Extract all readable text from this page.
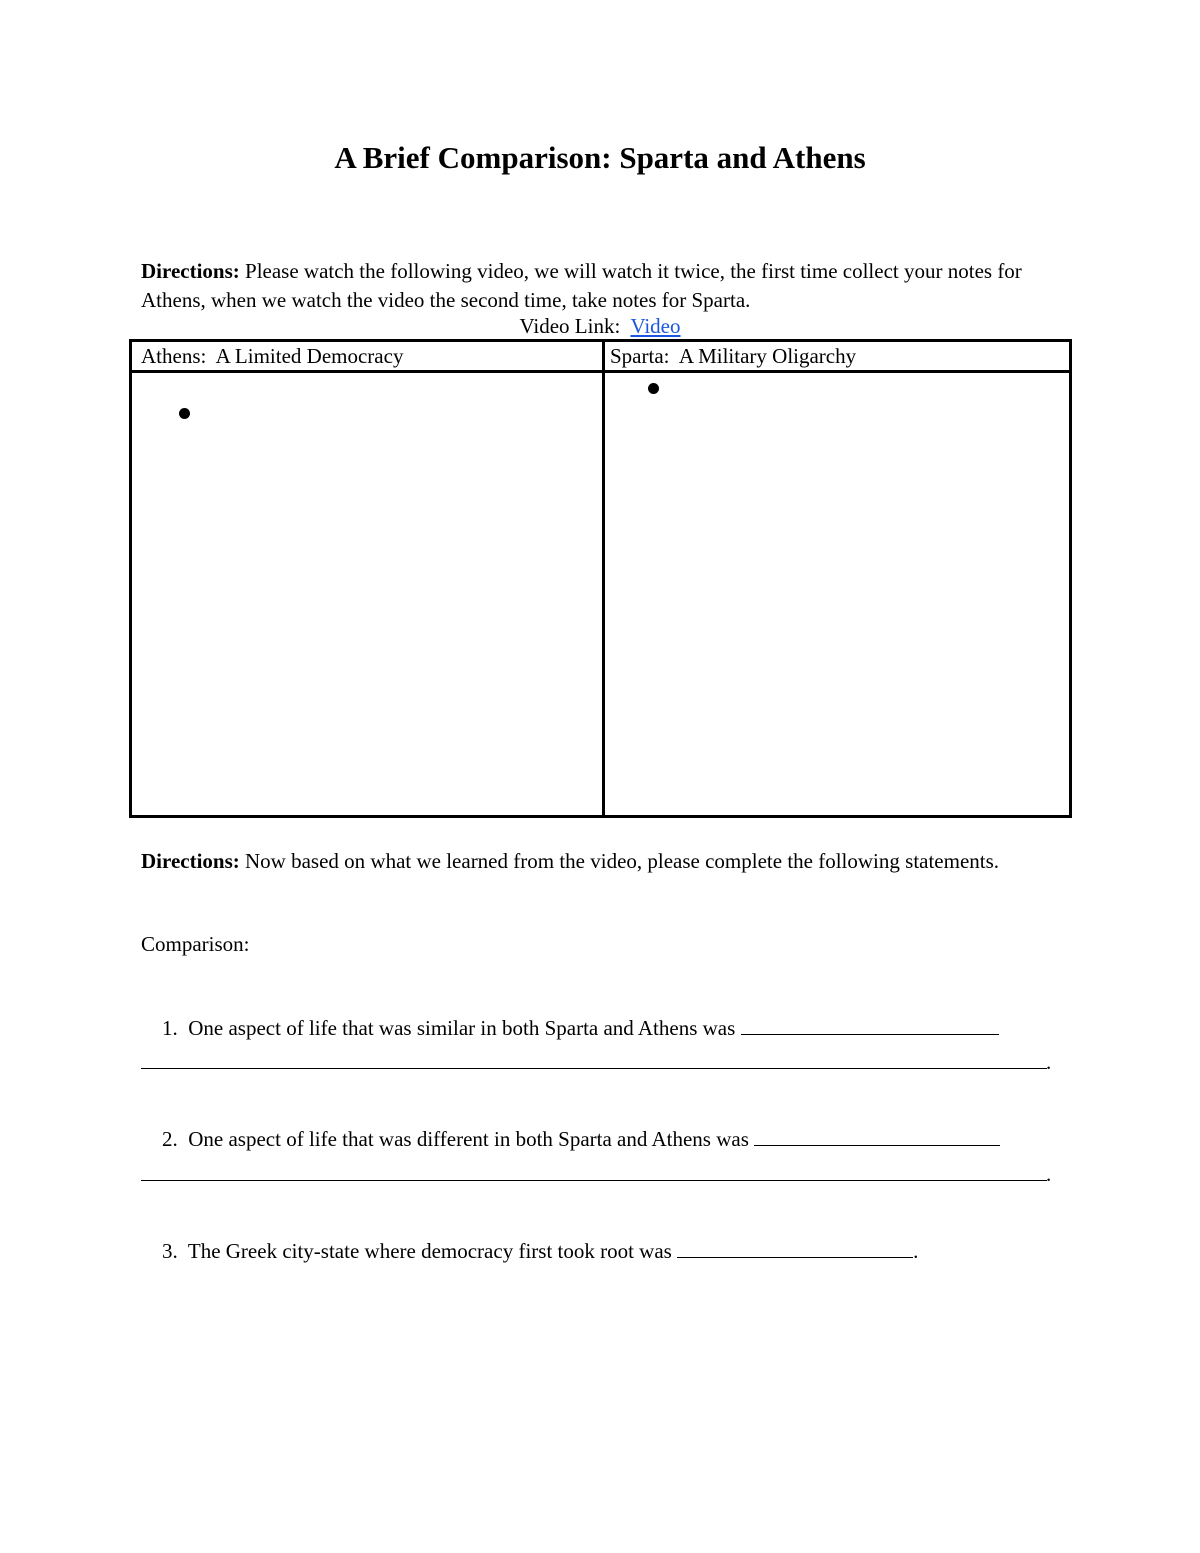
A Brief Comparison: Sparta and Athens
Directions: Please watch the following video, we will watch it twice, the first time collect your notes for Athens, when we watch the video the second time, take notes for Sparta.
Video Link:  Video
Athens:  A Limited Democracy	Sparta:  A Military Oligarchy
Directions: Now based on what we learned from the video, please complete the following statements.
Comparison:

1.  One aspect of life that was similar in both Sparta and Athens was

.

2.  One aspect of life that was different in both Sparta and Athens was

.

3.  The Greek city-state where democracy first took root was	.
